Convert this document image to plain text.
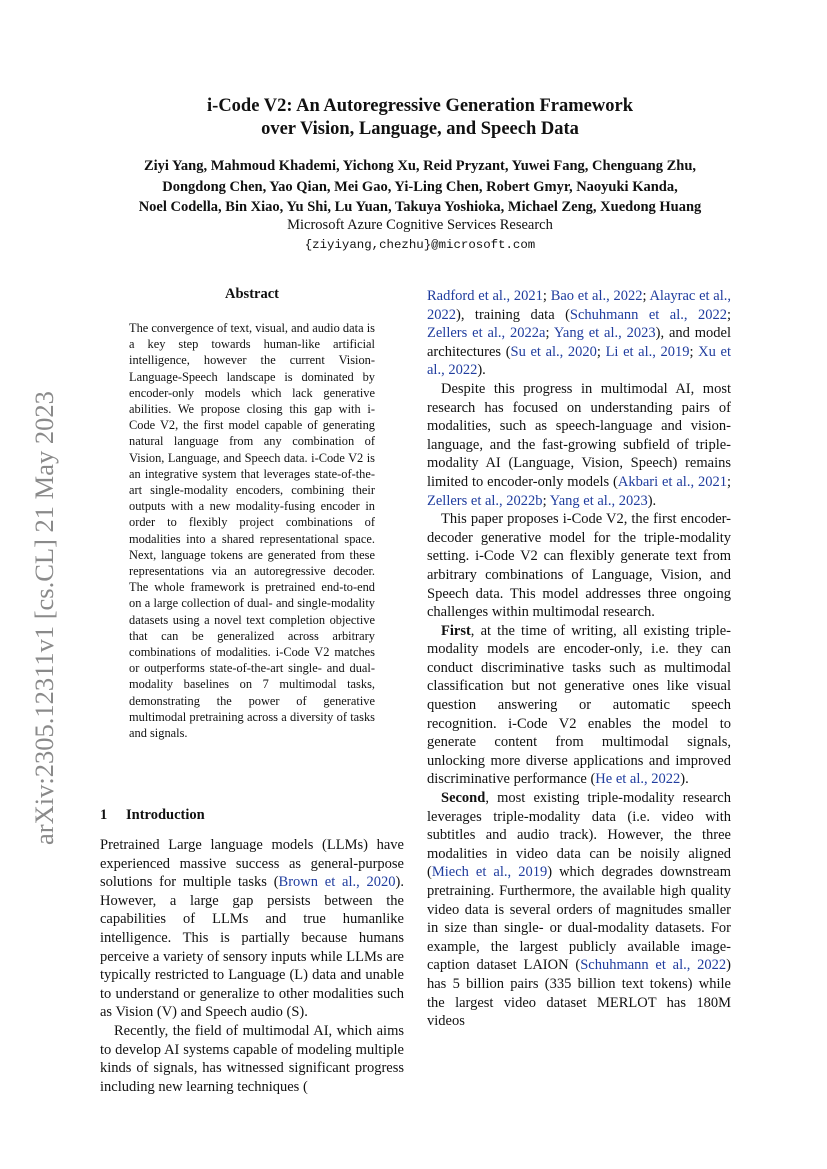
arXiv:2305.12311v1 [cs.CL] 21 May 2023
i-Code V2: An Autoregressive Generation Framework
over Vision, Language, and Speech Data
Ziyi Yang, Mahmoud Khademi, Yichong Xu, Reid Pryzant, Yuwei Fang, Chenguang Zhu,
Dongdong Chen, Yao Qian, Mei Gao, Yi-Ling Chen, Robert Gmyr, Naoyuki Kanda,
Noel Codella, Bin Xiao, Yu Shi, Lu Yuan, Takuya Yoshioka, Michael Zeng, Xuedong Huang
Microsoft Azure Cognitive Services Research
{ziyiyang,chezhu}@microsoft.com
Abstract

The convergence of text, visual, and audio data is a key step towards human-like artificial intelligence, however the current Vision-Language-Speech landscape is dominated by encoder-only models which lack generative abilities. We propose closing this gap with i-Code V2, the first model capable of generating natural language from any combination of Vision, Language, and Speech data. i-Code V2 is an integrative system that leverages state-of-the-art single-modality encoders, combining their outputs with a new modality-fusing encoder in order to flexibly project combinations of modalities into a shared representational space. Next, language tokens are generated from these representations via an autoregressive decoder. The whole framework is pretrained end-to-end on a large collection of dual- and single-modality datasets using a novel text completion objective that can be generalized across arbitrary combinations of modalities. i-Code V2 matches or outperforms state-of-the-art single- and dual-modality baselines on 7 multimodal tasks, demonstrating the power of generative multimodal pretraining across a diversity of tasks and signals.

1 Introduction

Pretrained Large language models (LLMs) have experienced massive success as general-purpose solutions for multiple tasks (Brown et al., 2020). However, a large gap persists between the capabilities of LLMs and true humanlike intelligence. This is partially because humans perceive a variety of sensory inputs while LLMs are typically restricted to Language (L) data and unable to understand or generalize to other modalities such as Vision (V) and Speech audio (S).

Recently, the field of multimodal AI, which aims to develop AI systems capable of modeling multiple kinds of signals, has witnessed significant progress including new learning techniques (

Radford et al., 2021; Bao et al., 2022; Alayrac et al., 2022), training data (Schuhmann et al., 2022; Zellers et al., 2022a; Yang et al., 2023), and model architectures (Su et al., 2020; Li et al., 2019; Xu et al., 2022).

Despite this progress in multimodal AI, most research has focused on understanding pairs of modalities, such as speech-language and vision-language, and the fast-growing subfield of triple-modality AI (Language, Vision, Speech) remains limited to encoder-only models (Akbari et al., 2021; Zellers et al., 2022b; Yang et al., 2023).

This paper proposes i-Code V2, the first encoder-decoder generative model for the triple-modality setting. i-Code V2 can flexibly generate text from arbitrary combinations of Language, Vision, and Speech data. This model addresses three ongoing challenges within multimodal research.

First, at the time of writing, all existing triple-modality models are encoder-only, i.e. they can conduct discriminative tasks such as multimodal classification but not generative ones like visual question answering or automatic speech recognition. i-Code V2 enables the model to generate content from multimodal signals, unlocking more diverse applications and improved discriminative performance (He et al., 2022).

Second, most existing triple-modality research leverages triple-modality data (i.e. video with subtitles and audio track). However, the three modalities in video data can be noisily aligned (Miech et al., 2019) which degrades downstream pretraining. Furthermore, the available high quality video data is several orders of magnitudes smaller in size than single- or dual-modality datasets. For example, the largest publicly available image-caption dataset LAION (Schuhmann et al., 2022) has 5 billion pairs (335 billion text tokens) while the largest video dataset MERLOT has 180M videos
